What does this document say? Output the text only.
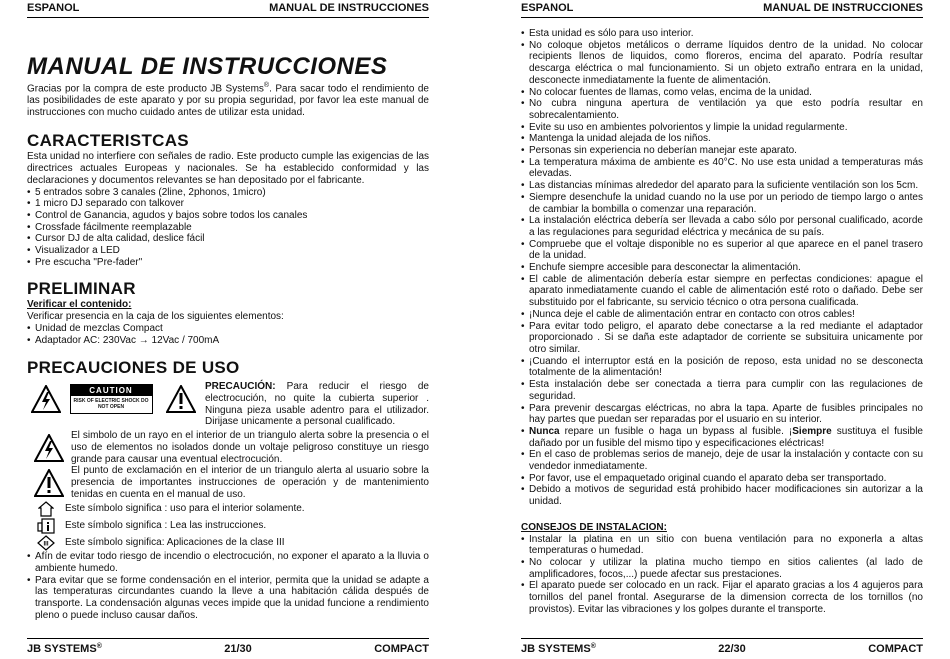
ESPANOL	MANUAL DE INSTRUCCIONES
MANUAL DE INSTRUCCIONES

Gracias por la compra de este producto JB Systems®. Para sacar todo el rendimiento de las posibilidades de este aparato y por su propia seguridad, por favor lea este manual de instrucciones con mucho cuidado antes de utilizar esta unidad.

CARACTERISTCAS

Esta unidad no interfiere con señales de radio. Este producto cumple las exigencias de las directrices actuales Europeas y nacionales. Se ha establecido conformidad y las declaraciones y documentos relevantes se han depositado por el fabricante.

• 5 entrados sobre 3 canales (2line, 2phonos, 1micro)
• 1 micro DJ separado con talkover
• Control de Ganancia, agudos y bajos sobre todos los canales
• Crossfade fácilmente reemplazable
• Cursor DJ de alta calidad, deslice fácil
• Visualizador a LED
• Pre escucha "Pre-fader"
PRELIMINAR
Verificar el contenido:

Verificar presencia en la caja de los siguientes elementos:

• Unidad de mezclas Compact
• Adaptador AC: 230Vac → 12Vac / 700mA
PRECAUCIONES DE USO
CAUTION
RISK OF ELECTRIC SHOCK DO NOT OPEN

PRECAUCIÓN: Para reducir el riesgo de electrocución, no quite la cubierta superior . Ninguna pieza usable adentro para el utilizador. Dirijase unicamente a personal cualificado.

El simbolo de un rayo en el interior de un triangulo alerta sobre la presencia o el uso de elementos no isolados donde un voltaje peligroso constituye un riesgo grande para causar una eventual electrocución.

El punto de exclamación en el interior de un triangulo alerta al usuario sobre la presencia de importantes instrucciones de operación y de mantenimiento tenidas en cuenta en el manual de uso.

Este símbolo significa : uso para el interior solamente.
Este símbolo significa : Lea las instrucciones.
III Este símbolo significa: Aplicaciones de la clase III
• Afín de evitar todo riesgo de incendio o electrocución, no exponer el aparato a la lluvia o ambiente humedo.
• Para evitar que se forme condensación en el interior, permita que la unidad se adapte a las temperaturas circundantes cuando la lleve a una habitación cálida después de transporte. La condensación algunas veces impide que la unidad funcione a rendimiento pleno o puede incluso causar daños.
JB SYSTEMS®	21/30	COMPACT
ESPANOL	MANUAL DE INSTRUCCIONES
• Esta unidad es sólo para uso interior.
• No coloque objetos metálicos o derrame líquidos dentro de la unidad. No colocar recipients llenos de liquidos, como floreros, encima del aparato. Podría resultar descarga eléctrica o mal funcionamiento. Si un objeto extraño entrara en la unidad, desconecte inmediatamente la fuente de alimentación.
• No colocar fuentes de llamas, como velas, encima de la unidad.
• No cubra ninguna apertura de ventilación ya que esto podría resultar en sobrecalentamiento.
• Evite su uso en ambientes polvorientos y limpie la unidad regularmente.
• Mantenga la unidad alejada de los niños.
• Personas sin experiencia no deberían manejar este aparato.
• La temperatura máxima de ambiente es 40°C. No use esta unidad a temperaturas más elevadas.
• Las distancias mínimas alrededor del aparato para la suficiente ventilación son los 5cm.
• Siempre desenchufe la unidad cuando no la use por un periodo de tiempo largo o antes de cambiar la bombilla o comenzar una reparación.
• La instalación eléctrica debería ser llevada a cabo sólo por personal cualificado, acorde a las regulaciones para seguridad eléctrica y mecánica de su país.
• Compruebe que el voltaje disponible no es superior al que aparece en el panel trasero de la unidad.
• Enchufe siempre accesible para desconectar la alimentación.
• El cable de alimentación debería estar siempre en perfectas condiciones: apague el aparato inmediatamente cuando el cable de alimentación esté roto o dañado. Debe ser substituido por el fabricante, su servicio técnico o otra persona cualificada.
• ¡Nunca deje el cable de alimentación entrar en contacto con otros cables!
• Para evitar todo peligro, el aparato debe conectarse a la red mediante el adaptador proporcionado . Si se daña este adaptador de corriente se subsituira unicamente por otro similar.
• ¡Cuando el interruptor está en la posición de reposo, esta unidad no se desconecta totalmente de la alimentación!
• Esta instalación debe ser conectada a tierra para cumplir con las regulaciones de seguridad.
• Para prevenir descargas eléctricas, no abra la tapa. Aparte de fusibles principales no hay partes que puedan ser reparadas por el usuario en su interior.
• Nunca repare un fusible o haga un bypass al fusible. ¡Siempre sustituya el fusible dañado por un fusible del mismo tipo y especificaciones eléctricas!
• En el caso de problemas serios de manejo, deje de usar la instalación y contacte con su vendedor inmediatamente.
• Por favor, use el empaquetado original cuando el aparato deba ser transportado.
• Debido a motivos de seguridad está prohibido hacer modificaciones sin autorizar a la unidad.
CONSEJOS DE INSTALACION:
• Instalar la platina en un sitio con buena ventilación para no exponerla a altas temperaturas o humedad.
• No colocar y utilizar la platina mucho tiempo en sitios calientes (al lado de amplificadores, focos,...) puede afectar sus prestaciones.
• El aparato puede ser colocado en un rack. Fijar el aparato gracias a los 4 agujeros para tornillos del panel frontal. Asegurarse de la dimension correcta de los tornillos (no provistos). Evitar las vibraciones y los golpes durante el transporte.
JB SYSTEMS®	22/30	COMPACT
